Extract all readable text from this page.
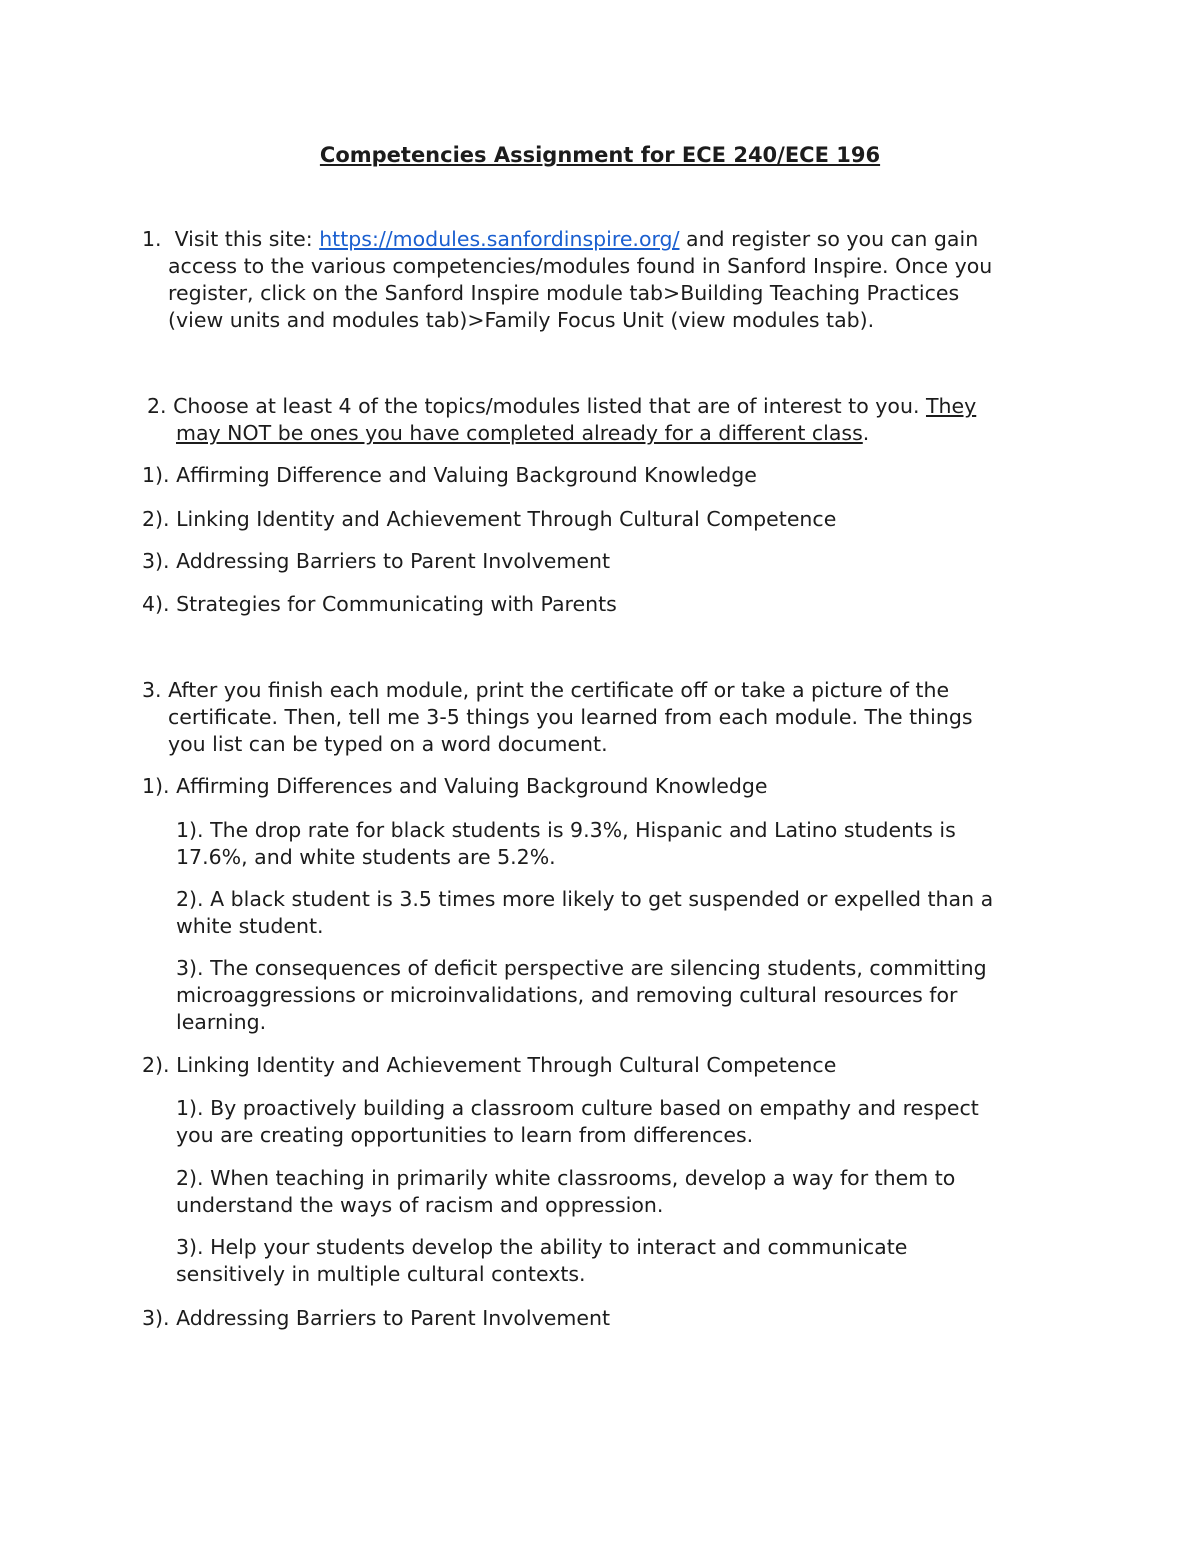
Competencies Assignment for ECE 240/ECE 196
1. Visit this site: https://modules.sanfordinspire.org/ and register so you can gain
access to the various competencies/modules found in Sanford Inspire. Once you
register, click on the Sanford Inspire module tab>Building Teaching Practices
(view units and modules tab)>Family Focus Unit (view modules tab).
2. Choose at least 4 of the topics/modules listed that are of interest to you. They
may NOT be ones you have completed already for a different class.
1). Affirming Difference and Valuing Background Knowledge
2). Linking Identity and Achievement Through Cultural Competence
3). Addressing Barriers to Parent Involvement
4). Strategies for Communicating with Parents
3. After you finish each module, print the certificate off or take a picture of the
certificate. Then, tell me 3-5 things you learned from each module. The things
you list can be typed on a word document.
1). Affirming Differences and Valuing Background Knowledge
1). The drop rate for black students is 9.3%, Hispanic and Latino students is
17.6%, and white students are 5.2%.
2). A black student is 3.5 times more likely to get suspended or expelled than a
white student.
3). The consequences of deficit perspective are silencing students, committing
microaggressions or microinvalidations, and removing cultural resources for
learning.
2). Linking Identity and Achievement Through Cultural Competence
1). By proactively building a classroom culture based on empathy and respect
you are creating opportunities to learn from differences.
2). When teaching in primarily white classrooms, develop a way for them to
understand the ways of racism and oppression.
3). Help your students develop the ability to interact and communicate
sensitively in multiple cultural contexts.
3). Addressing Barriers to Parent Involvement
